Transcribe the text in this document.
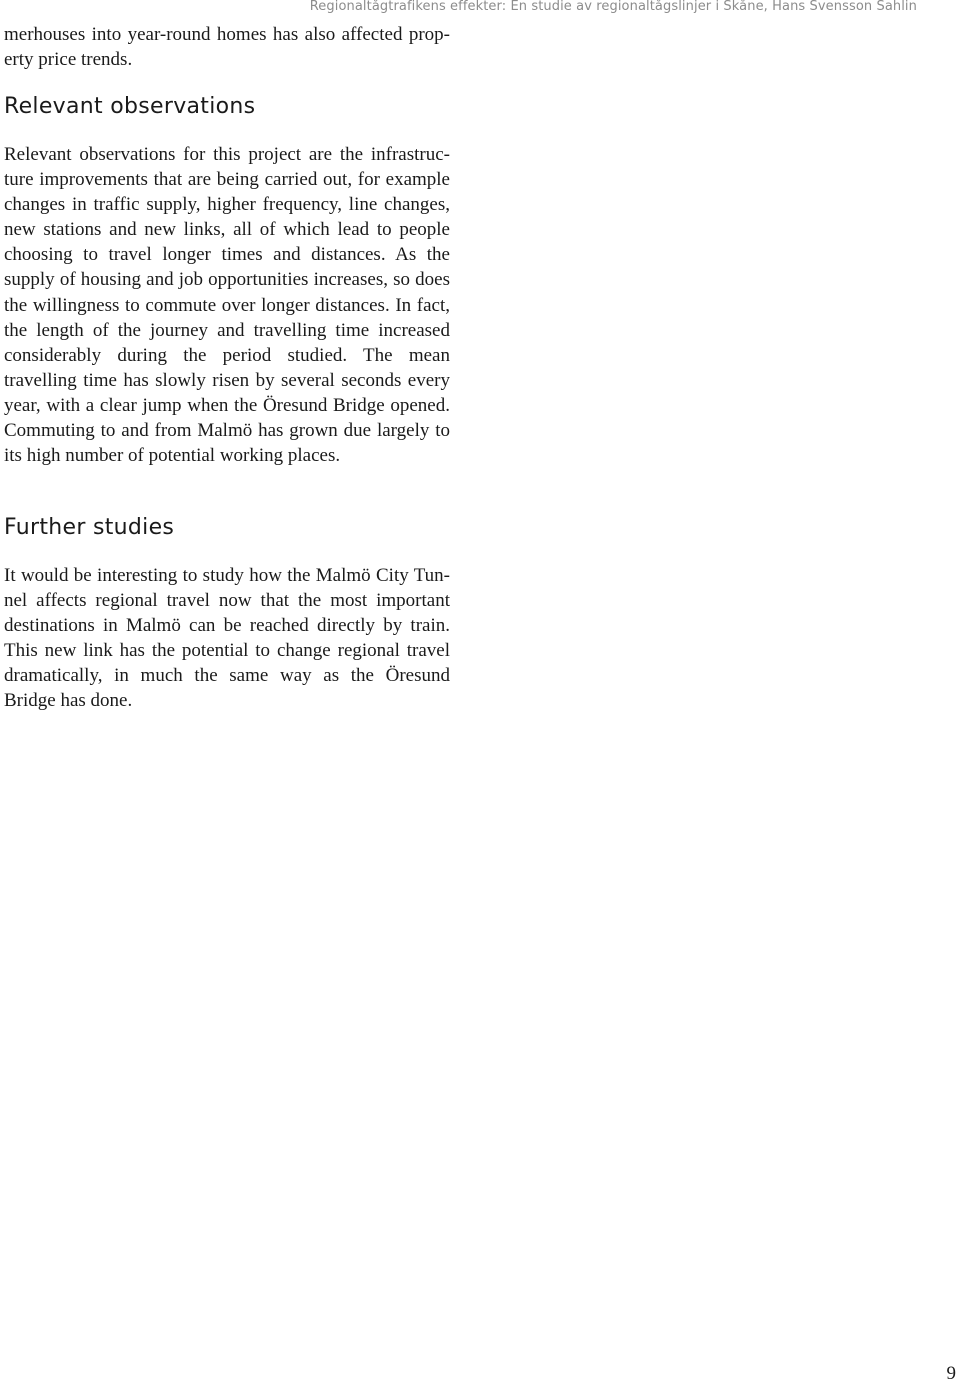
Regionaltågtrafikens effekter: En studie av regionaltågslinjer i Skåne, Hans Svensson Sahlin

merhouses into year-round homes has also affected property price trends.

Relevant observations

Relevant observations for this project are the infrastructure improvements that are being carried out, for example changes in traffic supply, higher frequency, line changes, new stations and new links, all of which lead to people choosing to travel longer times and distances. As the supply of housing and job opportunities increases, so does the willingness to commute over longer distances. In fact, the length of the journey and travelling time increased considerably during the period studied. The mean travelling time has slowly risen by several seconds every year, with a clear jump when the Öresund Bridge opened. Commuting to and from Malmö has grown due largely to its high number of potential working places.

Further studies

It would be interesting to study how the Malmö City Tunnel affects regional travel now that the most important destinations in Malmö can be reached directly by train. This new link has the potential to change regional travel dramatically, in much the same way as the Öresund Bridge has done.

9
